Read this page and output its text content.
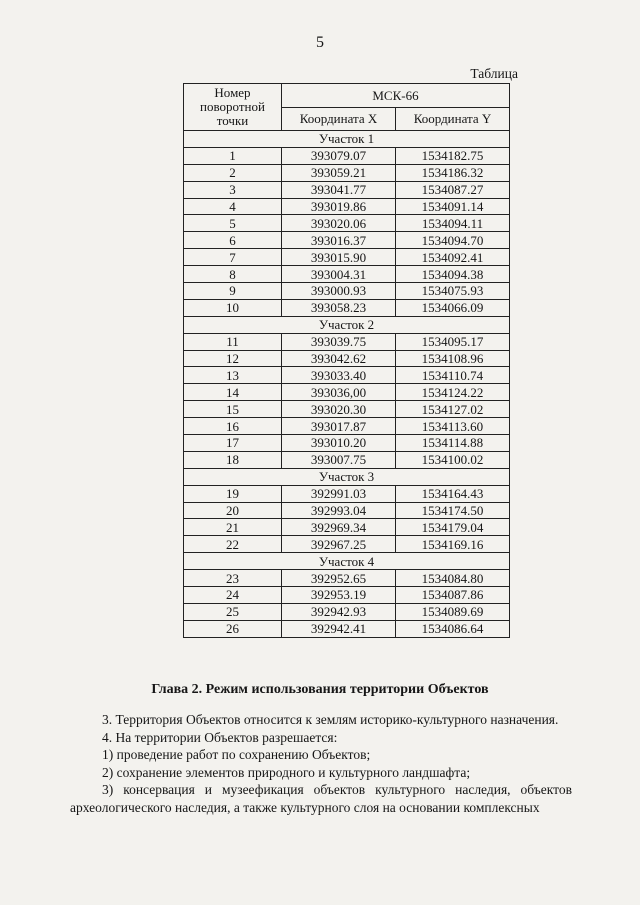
5
Таблица
Номер поворотной точки	МСК-66	
	Координата X	Координата Y
Участок 1		
1	393079.07	1534182.75
2	393059.21	1534186.32
3	393041.77	1534087.27
4	393019.86	1534091.14
5	393020.06	1534094.11
6	393016.37	1534094.70
7	393015.90	1534092.41
8	393004.31	1534094.38
9	393000.93	1534075.93
10	393058.23	1534066.09
Участок 2		
11	393039.75	1534095.17
12	393042.62	1534108.96
13	393033.40	1534110.74
14	393036,00	1534124.22
15	393020.30	1534127.02
16	393017.87	1534113.60
17	393010.20	1534114.88
18	393007.75	1534100.02
Участок 3		
19	392991.03	1534164.43
20	392993.04	1534174.50
21	392969.34	1534179.04
22	392967.25	1534169.16
Участок 4		
23	392952.65	1534084.80
24	392953.19	1534087.86
25	392942.93	1534089.69
26	392942.41	1534086.64
Глава 2. Режим использования территории Объектов

3. Территория Объектов относится к землям историко-культурного назначения.

4. На территории Объектов разрешается:

1) проведение работ по сохранению Объектов;

2) сохранение элементов природного и культурного ландшафта;

3) консервация и музеефикация объектов культурного наследия, объектов археологического наследия, а также культурного слоя на основании комплексных
